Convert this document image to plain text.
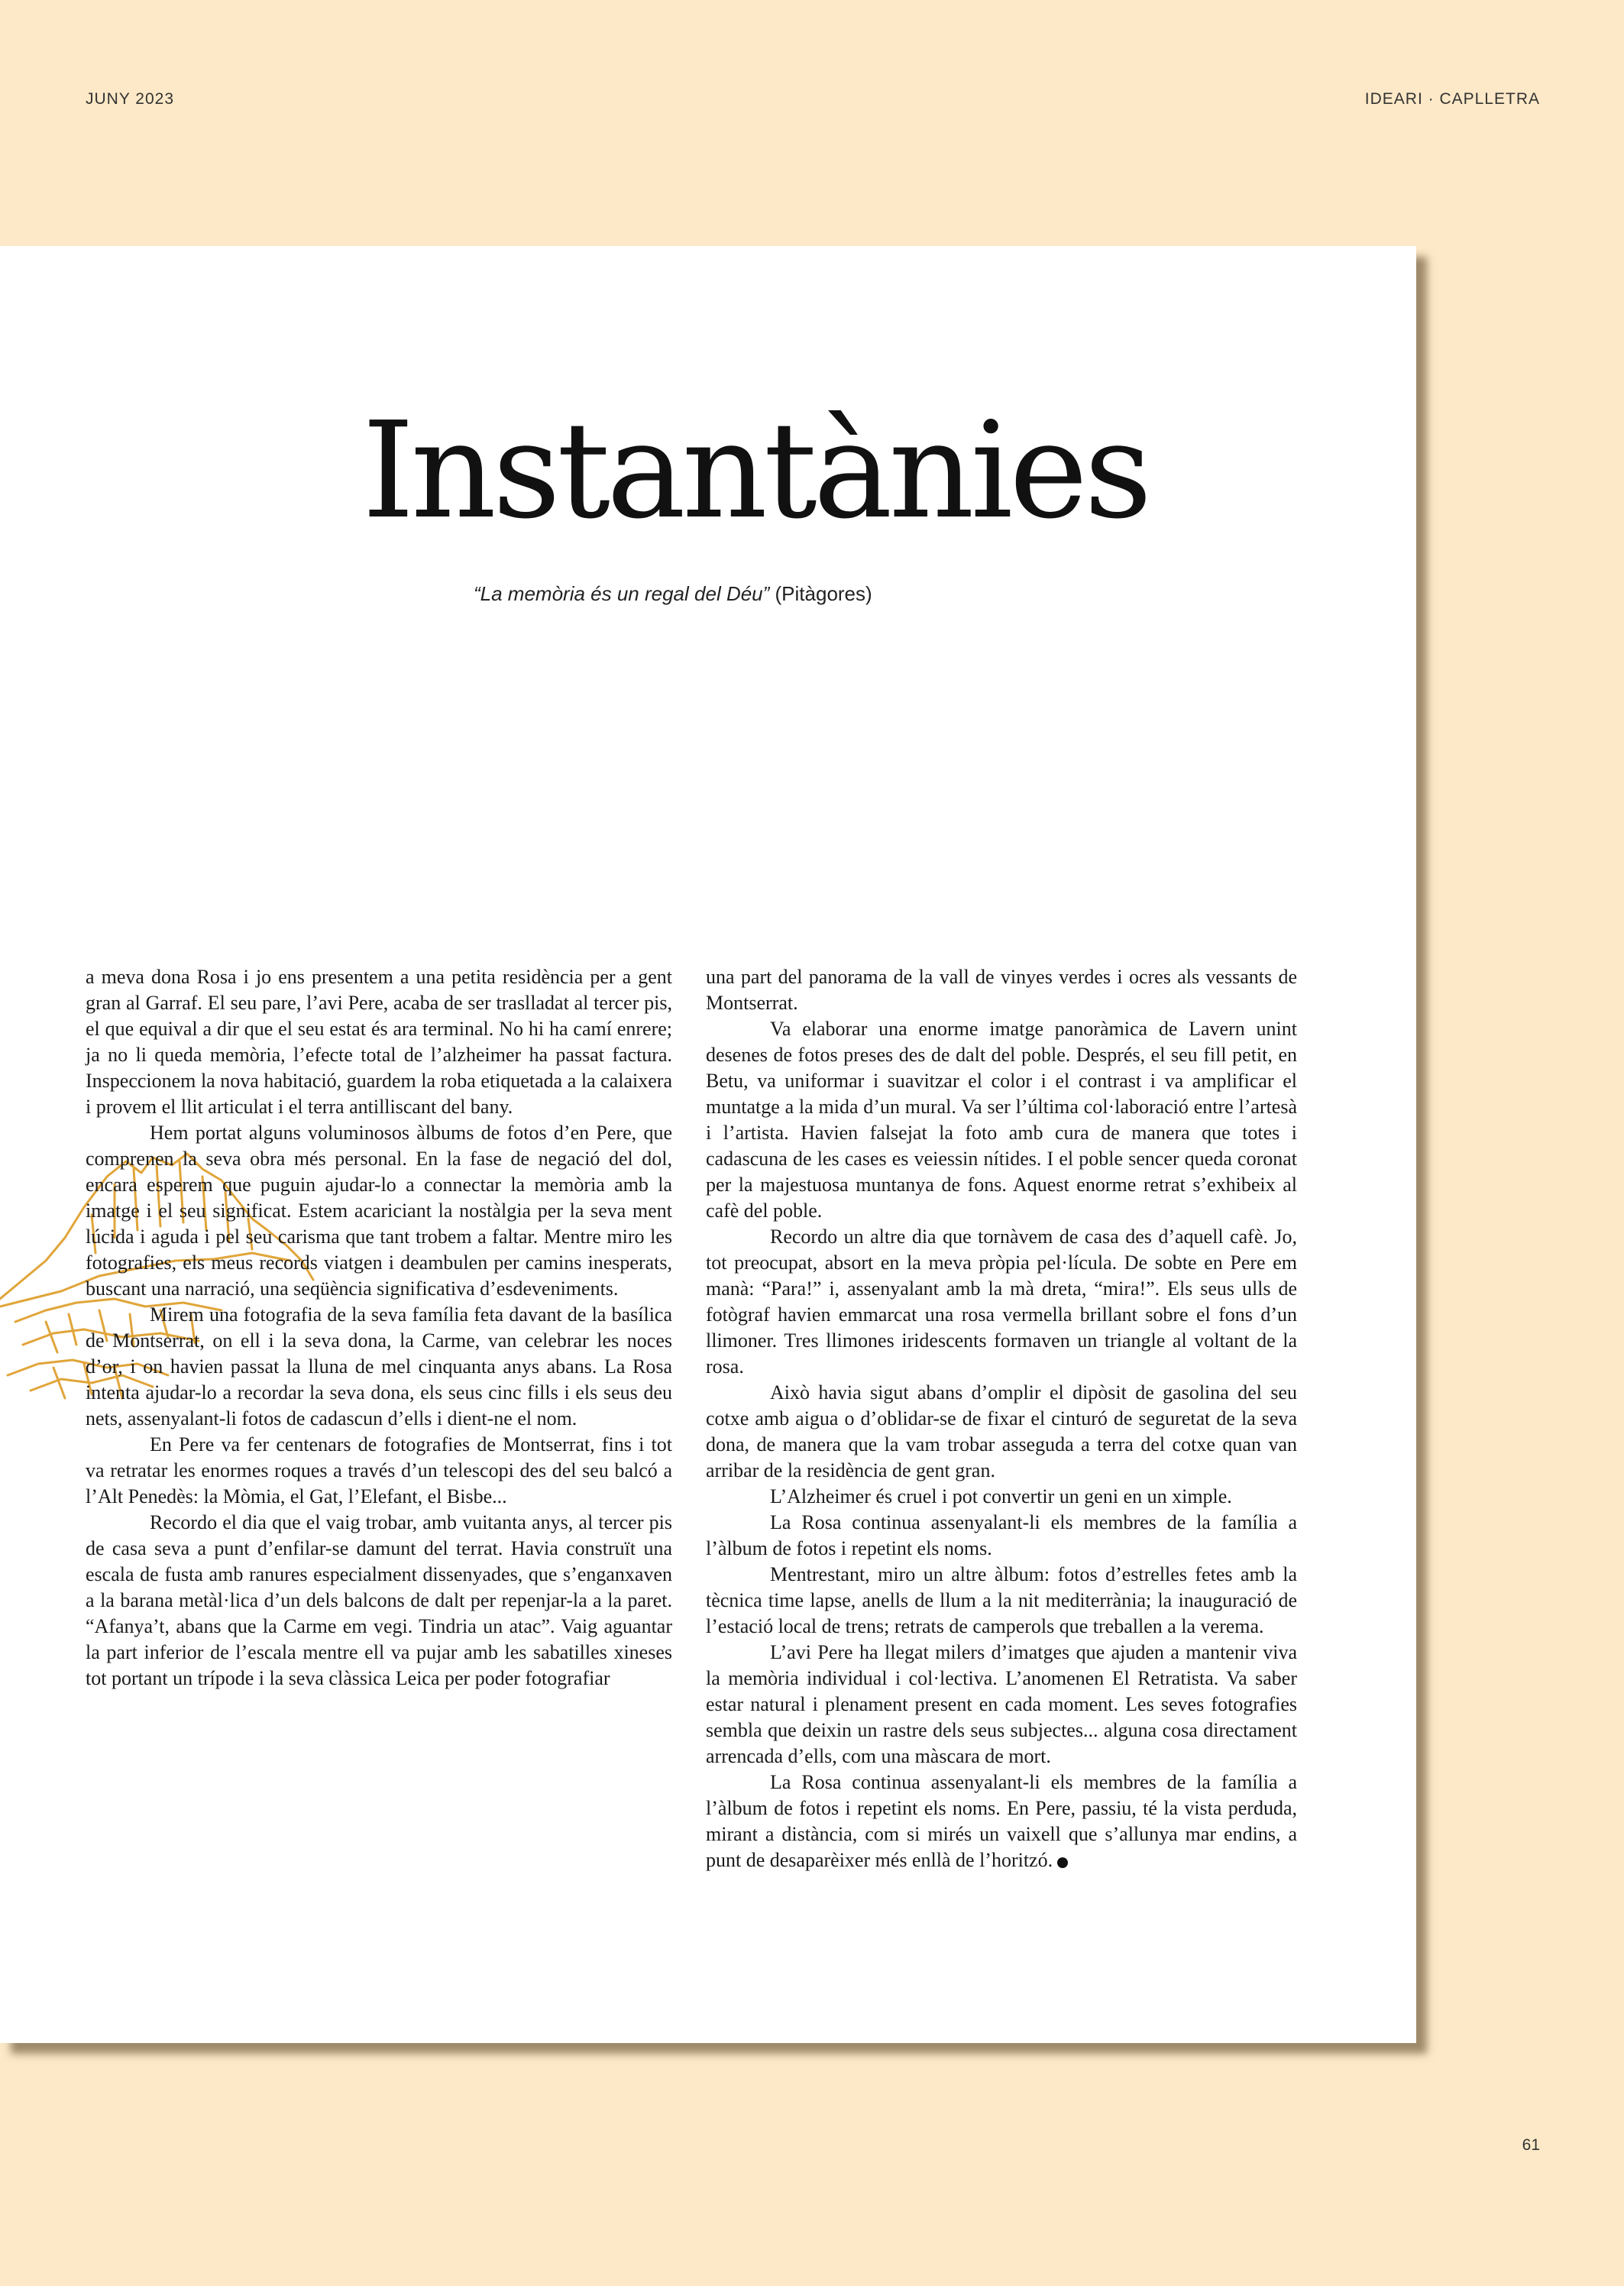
JUNY 2023	IDEARI · CAPLLETRA
Instantànies
“La memòria és un regal del Déu” (Pitàgores)

a meva dona Rosa i jo ens presentem a una petita residència per a gent gran al Garraf. El seu pare, l’avi Pere, acaba de ser traslladat al tercer pis, el que equival a dir que el seu estat és ara terminal. No hi ha camí enrere; ja no li queda memòria, l’efecte total de l’alzheimer ha passat factura. Inspeccionem la nova habitació, guardem la roba etiquetada a la calaixera i provem el llit articulat i el terra antilliscant del bany.

Hem portat alguns voluminosos àlbums de fotos d’en Pere, que comprenen la seva obra més personal. En la fase de negació del dol, encara esperem que puguin ajudar-lo a connectar la memòria amb la imatge i el seu significat. Estem acariciant la nostàlgia per la seva ment lúcida i aguda i pel seu carisma que tant trobem a faltar. Mentre miro les fotografies, els meus records viatgen i deambulen per camins inesperats, buscant una narració, una seqüència significativa d’esdeveniments.

Mirem una fotografia de la seva família feta davant de la basílica de Montserrat, on ell i la seva dona, la Carme, van celebrar les noces d’or, i on havien passat la lluna de mel cinquanta anys abans. La Rosa intenta ajudar-lo a recordar la seva dona, els seus cinc fills i els seus deu nets, assenyalant-li fotos de cadascun d’ells i dient-ne el nom.

En Pere va fer centenars de fotografies de Montserrat, fins i tot va retratar les enormes roques a través d’un telescopi des del seu balcó a l’Alt Penedès: la Mòmia, el Gat, l’Elefant, el Bisbe...

Recordo el dia que el vaig trobar, amb vuitanta anys, al tercer pis de casa seva a punt d’enfilar-se damunt del terrat. Havia construït una escala de fusta amb ranures especialment dissenyades, que s’enganxaven a la barana metàl·lica d’un dels balcons de dalt per repenjar-la a la paret. “Afanya’t, abans que la Carme em vegi. Tindria un atac”. Vaig aguantar la part inferior de l’escala mentre ell va pujar amb les sabatilles xineses tot portant un trípode i la seva clàssica Leica per poder fotografiar

una part del panorama de la vall de vinyes verdes i ocres als vessants de Montserrat.

Va elaborar una enorme imatge panoràmica de Lavern unint desenes de fotos preses des de dalt del poble. Després, el seu fill petit, en Betu, va uniformar i suavitzar el color i el contrast i va amplificar el muntatge a la mida d’un mural. Va ser l’última col·laboració entre l’artesà i l’artista. Havien falsejat la foto amb cura de manera que totes i cadascuna de les cases es veiessin nítides. I el poble sencer queda coronat per la majestuosa muntanya de fons. Aquest enorme retrat s’exhibeix al cafè del poble.

Recordo un altre dia que tornàvem de casa des d’aquell cafè. Jo, tot preocupat, absort en la meva pròpia pel·lícula. De sobte en Pere em manà: “Para!” i, assenyalant amb la mà dreta, “mira!”. Els seus ulls de fotògraf havien emmarcat una rosa vermella brillant sobre el fons d’un llimoner. Tres llimones iridescents formaven un triangle al voltant de la rosa.

Això havia sigut abans d’omplir el dipòsit de gasolina del seu cotxe amb aigua o d’oblidar-se de fixar el cinturó de seguretat de la seva dona, de manera que la vam trobar asseguda a terra del cotxe quan van arribar de la residència de gent gran.

L’Alzheimer és cruel i pot convertir un geni en un ximple.

La Rosa continua assenyalant-li els membres de la família a l’àlbum de fotos i repetint els noms.

Mentrestant, miro un altre àlbum: fotos d’estrelles fetes amb la tècnica time lapse, anells de llum a la nit mediterrània; la inauguració de l’estació local de trens; retrats de camperols que treballen a la verema.

L’avi Pere ha llegat milers d’imatges que ajuden a mantenir viva la memòria individual i col·lectiva. L’anomenen El Retratista. Va saber estar natural i plenament present en cada moment. Les seves fotografies sembla que deixin un rastre dels seus subjectes... alguna cosa directament arrencada d’ells, com una màscara de mort.

La Rosa continua assenyalant-li els membres de la família a l’àlbum de fotos i repetint els noms. En Pere, passiu, té la vista perduda, mirant a distància, com si mirés un vaixell que s’allunya mar endins, a punt de desaparèixer més enllà de l’horitzó.

61
